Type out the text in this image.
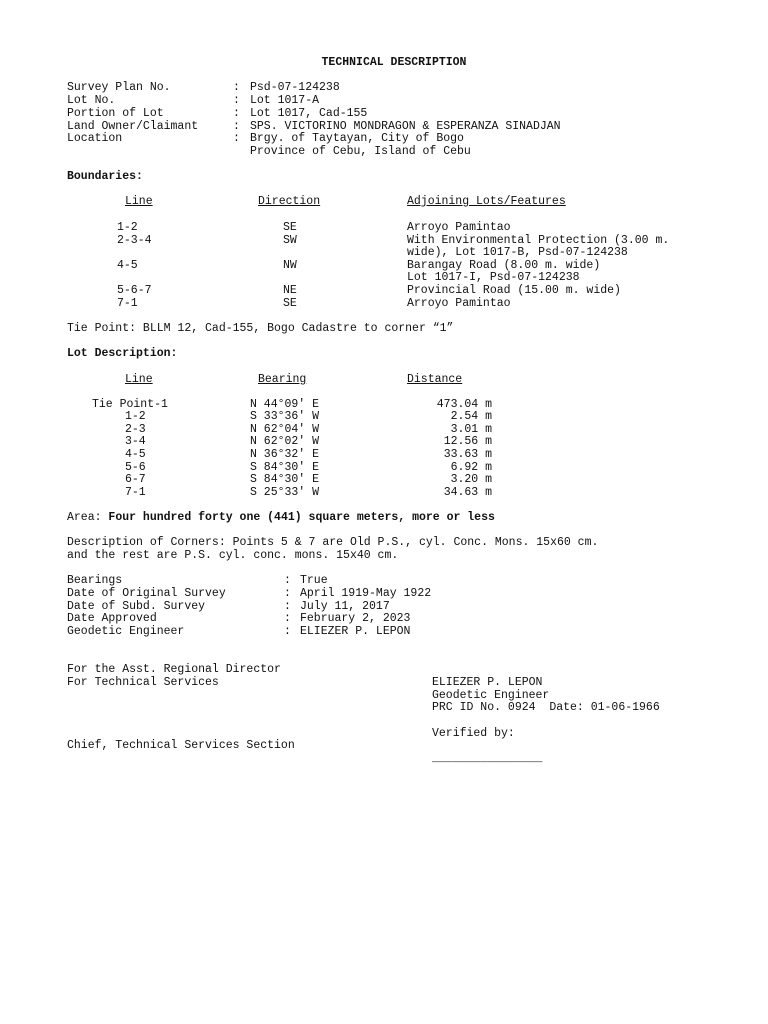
TECHNICAL DESCRIPTION
Survey Plan No.	: Psd-07-124238
Lot No.	: Lot 1017-A
Portion of Lot	: Lot 1017, Cad-155
Land Owner/Claimant	: SPS. VICTORINO MONDRAGON & ESPERANZA SINADJAN
Location	: Brgy. of Taytayan, City of Bogo
Province of Cebu, Island of Cebu
Boundaries:
Line	Direction	Adjoining Lots/Features
1-2	SE	Arroyo Pamintao
2-3-4	SW	With Environmental Protection (3.00 m.
wide), Lot 1017-B, Psd-07-124238
4-5	NW	Barangay Road (8.00 m. wide)
Lot 1017-I, Psd-07-124238
5-6-7	NE	Provincial Road (15.00 m. wide)
7-1	SE	Arroyo Pamintao
Tie Point: BLLM 12, Cad-155, Bogo Cadastre to corner “1”
Lot Description:
Line	Bearing	Distance
Tie Point-1	N 44°09' E	473.04 m
1-2	S 33°36' W	2.54 m
2-3	N 62°04' W	3.01 m
3-4	N 62°02' W	12.56 m
4-5	N 36°32' E	33.63 m
5-6	S 84°30' E	6.92 m
6-7	S 84°30' E	3.20 m
7-1	S 25°33' W	34.63 m
Area: Four hundred forty one (441) square meters, more or less
Description of Corners: Points 5 & 7 are Old P.S., cyl. Conc. Mons. 15x60 cm.
and the rest are P.S. cyl. conc. mons. 15x40 cm.
Bearings	: True
Date of Original Survey	: April 1919-May 1922
Date of Subd. Survey	: July 11, 2017
Date Approved	: February 2, 2023
Geodetic Engineer	: ELIEZER P. LEPON
For the Asst. Regional Director
For Technical Services	ELIEZER P. LEPON
Geodetic Engineer
PRC ID No. 0924  Date: 01-06-1966
Verified by:
Chief, Technical Services Section
________________
